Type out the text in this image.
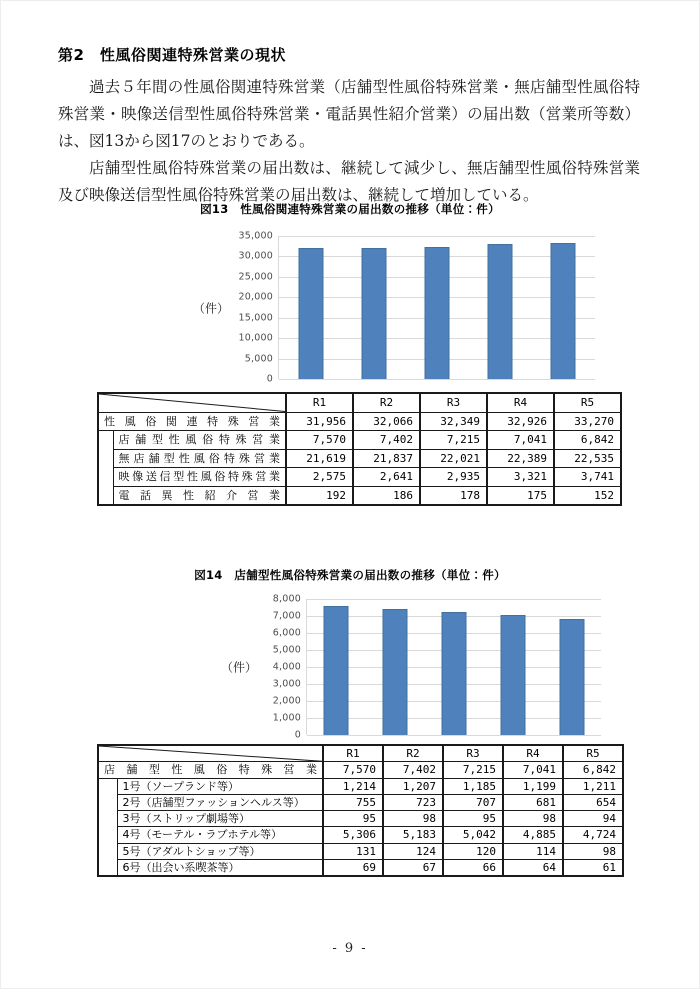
第2　性風俗関連特殊営業の現状

過去５年間の性風俗関連特殊営業（店舗型性風俗特殊営業・無店舗型性風俗特殊営業・映像送信型性風俗特殊営業・電話異性紹介営業）の届出数（営業所等数）は、図13から図17のとおりである。

店舗型性風俗特殊営業の届出数は、継続して減少し、無店舗型性風俗特殊営業及び映像送信型性風俗特殊営業の届出数は、継続して増加している。

図13　性風俗関連特殊営業の届出数の推移（単位：件）
35,000
30,000
25,000
20,000
15,000
10,000
5,000
0
（件）
	R1	R2	R3	R4	R5

性風俗関連特殊営業		31,956	32,066	32,349	32,926	33,270

	店舗型性風俗特殊営業	7,570	7,402	7,215	7,041	6,842

	無店舗型性風俗特殊営業	21,619	21,837	22,021	22,389	22,535

	映像送信型性風俗特殊営業	2,575	2,641	2,935	3,321	3,741

	電話異性紹介営業	192	186	178	175	152
図14　店舗型性風俗特殊営業の届出数の推移（単位：件）
8,000
7,000
6,000
5,000
4,000
3,000
2,000
1,000
0
（件）
	R1	R2	R3	R4	R5

店舗型性風俗特殊営業		7,570	7,402	7,215	7,041	6,842

	1号（ソープランド等）	1,214	1,207	1,185	1,199	1,211

	2号（店舗型ファッションヘルス等）	755	723	707	681	654

	3号（ストリップ劇場等）	95	98	95	98	94

	4号（モーテル・ラブホテル等）	5,306	5,183	5,042	4,885	4,724

	5号（アダルトショップ等）	131	124	120	114	98

	6号（出会い系喫茶等）	69	67	66	64	61
- 9 -
